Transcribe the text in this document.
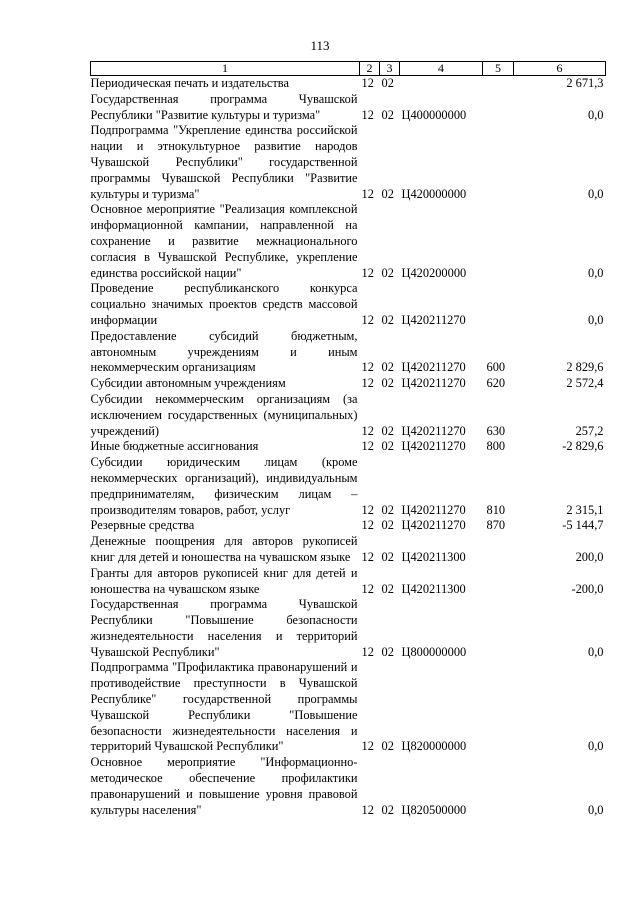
113
1	2	3	4	5	6
Периодическая печать и издательства	12	02			2 671,3
Государственная программа Чувашской Республики "Развитие культуры и туризма"	12	02	Ц400000000		0,0
Подпрограмма "Укрепление единства российской нации и этнокультурное развитие народов Чувашской Республики" государственной программы Чувашской Республики "Развитие культуры и туризма"	12	02	Ц420000000		0,0
Основное мероприятие "Реализация комплексной информационной кампании, направленной на сохранение и развитие межнационального согласия в Чувашской Республике, укрепление единства российской нации"	12	02	Ц420200000		0,0
Проведение республиканского конкурса социально значимых проектов средств массовой информации	12	02	Ц420211270		0,0
Предоставление субсидий бюджетным, автономным учреждениям и иным некоммерческим организациям	12	02	Ц420211270	600	2 829,6
Субсидии автономным учреждениям	12	02	Ц420211270	620	2 572,4
Субсидии некоммерческим организациям (за исключением государственных (муниципальных) учреждений)	12	02	Ц420211270	630	257,2
Иные бюджетные ассигнования	12	02	Ц420211270	800	-2 829,6
Субсидии юридическим лицам (кроме некоммерческих организаций), индивидуальным предпринимателям, физическим лицам – производителям товаров, работ, услуг	12	02	Ц420211270	810	2 315,1
Резервные средства	12	02	Ц420211270	870	-5 144,7
Денежные поощрения для авторов рукописей книг для детей и юношества на чувашском языке	12	02	Ц420211300		200,0
Гранты для авторов рукописей книг для детей и юношества на чувашском языке	12	02	Ц420211300		-200,0
Государственная программа Чувашской Республики "Повышение безопасности жизнедеятельности населения и территорий Чувашской Республики"	12	02	Ц800000000		0,0
Подпрограмма "Профилактика правонарушений и противодействие преступности в Чувашской Республике" государственной программы Чувашской Республики "Повышение безопасности жизнедеятельности населения и территорий Чувашской Республики"	12	02	Ц820000000		0,0
Основное мероприятие "Информационно-методическое обеспечение профилактики правонарушений и повышение уровня правовой культуры населения"	12	02	Ц820500000		0,0
